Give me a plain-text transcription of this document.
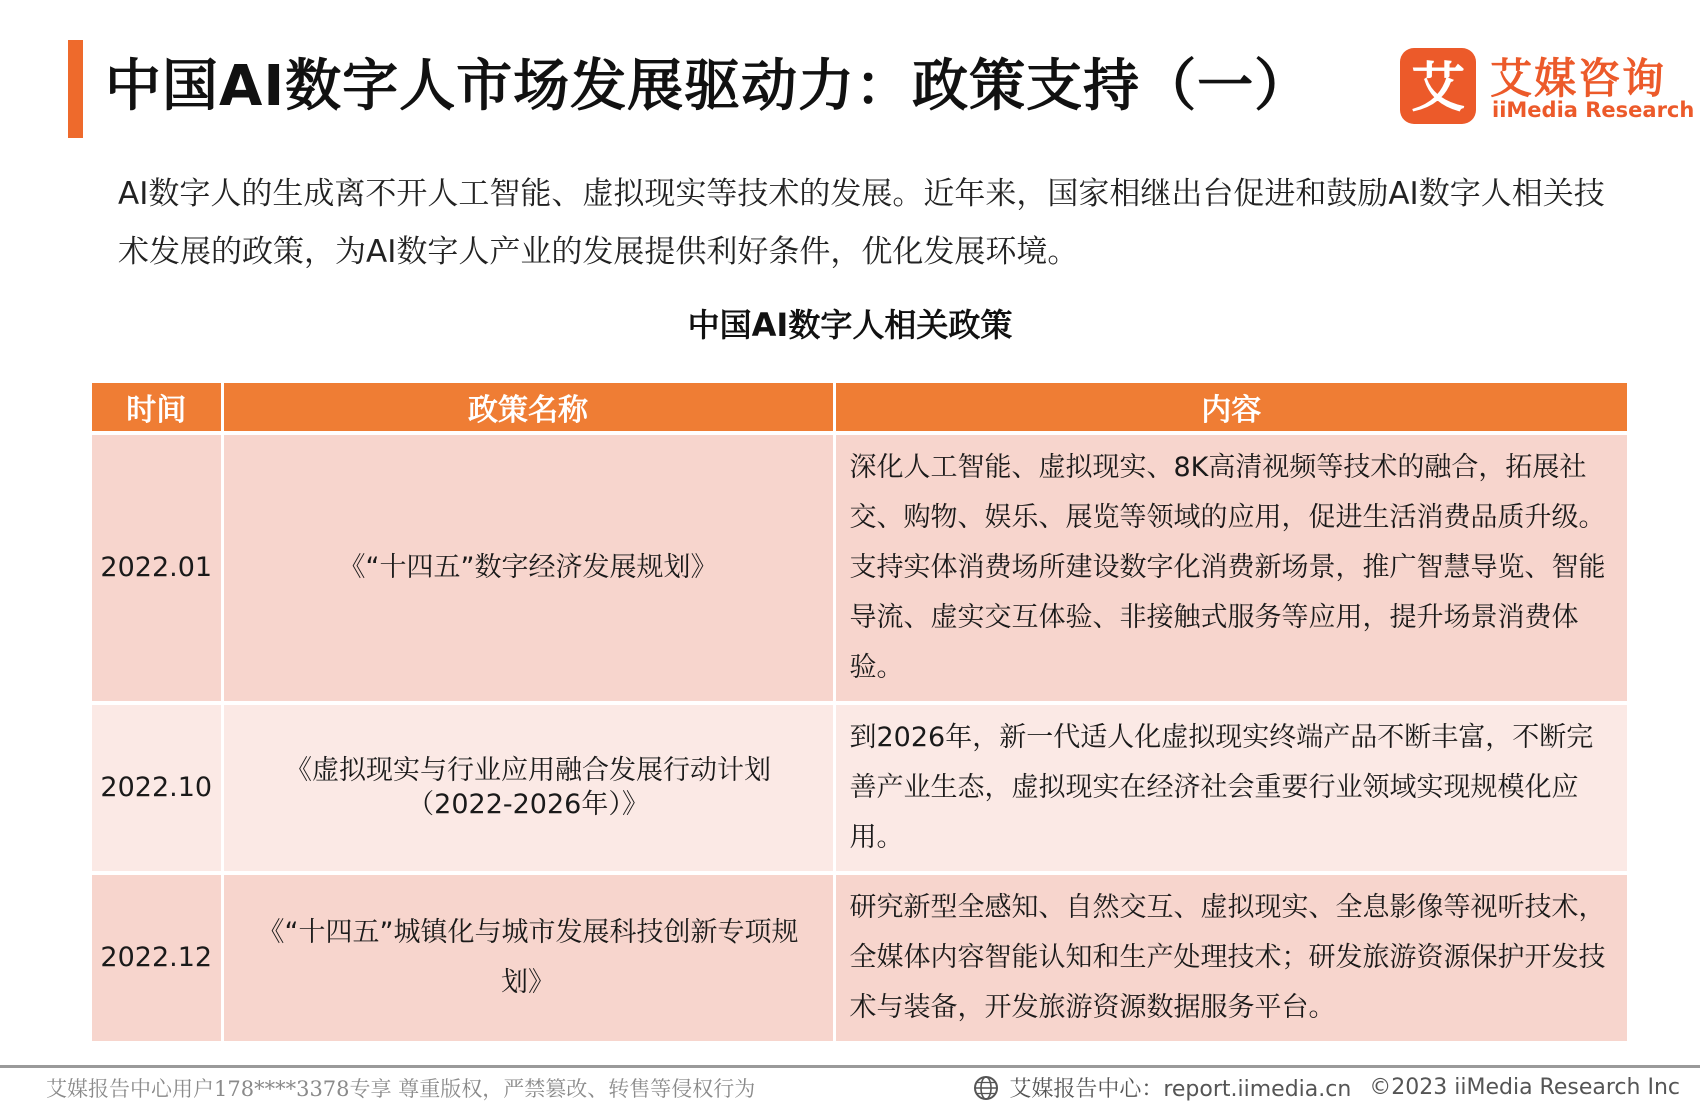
中国AI数字人市场发展驱动力：政策支持（一） 艾 艾媒咨询
iiMedia Research
AI数字人的生成离不开人工智能、虚拟现实等技术的发展。近年来，国家相继出台促进和鼓励AI数字人相关技术发展的政策，为AI数字人产业的发展提供利好条件，优化发展环境。
中国AI数字人相关政策
时间	政策名称	内容
2022.01	《“十四五”数字经济发展规划》	深化人工智能、虚拟现实、8K高清视频等技术的融合，拓展社交、购物、娱乐、展览等领域的应用，促进生活消费品质升级。支持实体消费场所建设数字化消费新场景，推广智慧导览、智能导流、虚实交互体验、非接触式服务等应用，提升场景消费体验。
2022.10	《虚拟现实与行业应用融合发展行动计划（2022-2026年）》	到2026年，新一代适人化虚拟现实终端产品不断丰富，不断完善产业生态，虚拟现实在经济社会重要行业领域实现规模化应用。
2022.12	《“十四五”城镇化与城市发展科技创新专项规划》	研究新型全感知、自然交互、虚拟现实、全息影像等视听技术，全媒体内容智能认知和生产处理技术；研发旅游资源保护开发技术与装备，开发旅游资源数据服务平台。
艾媒报告中心用户178****3378专享 尊重版权，严禁篡改、转售等侵权行为	艾媒报告中心：report.iimedia.cn ©2023 iiMedia Research Inc
